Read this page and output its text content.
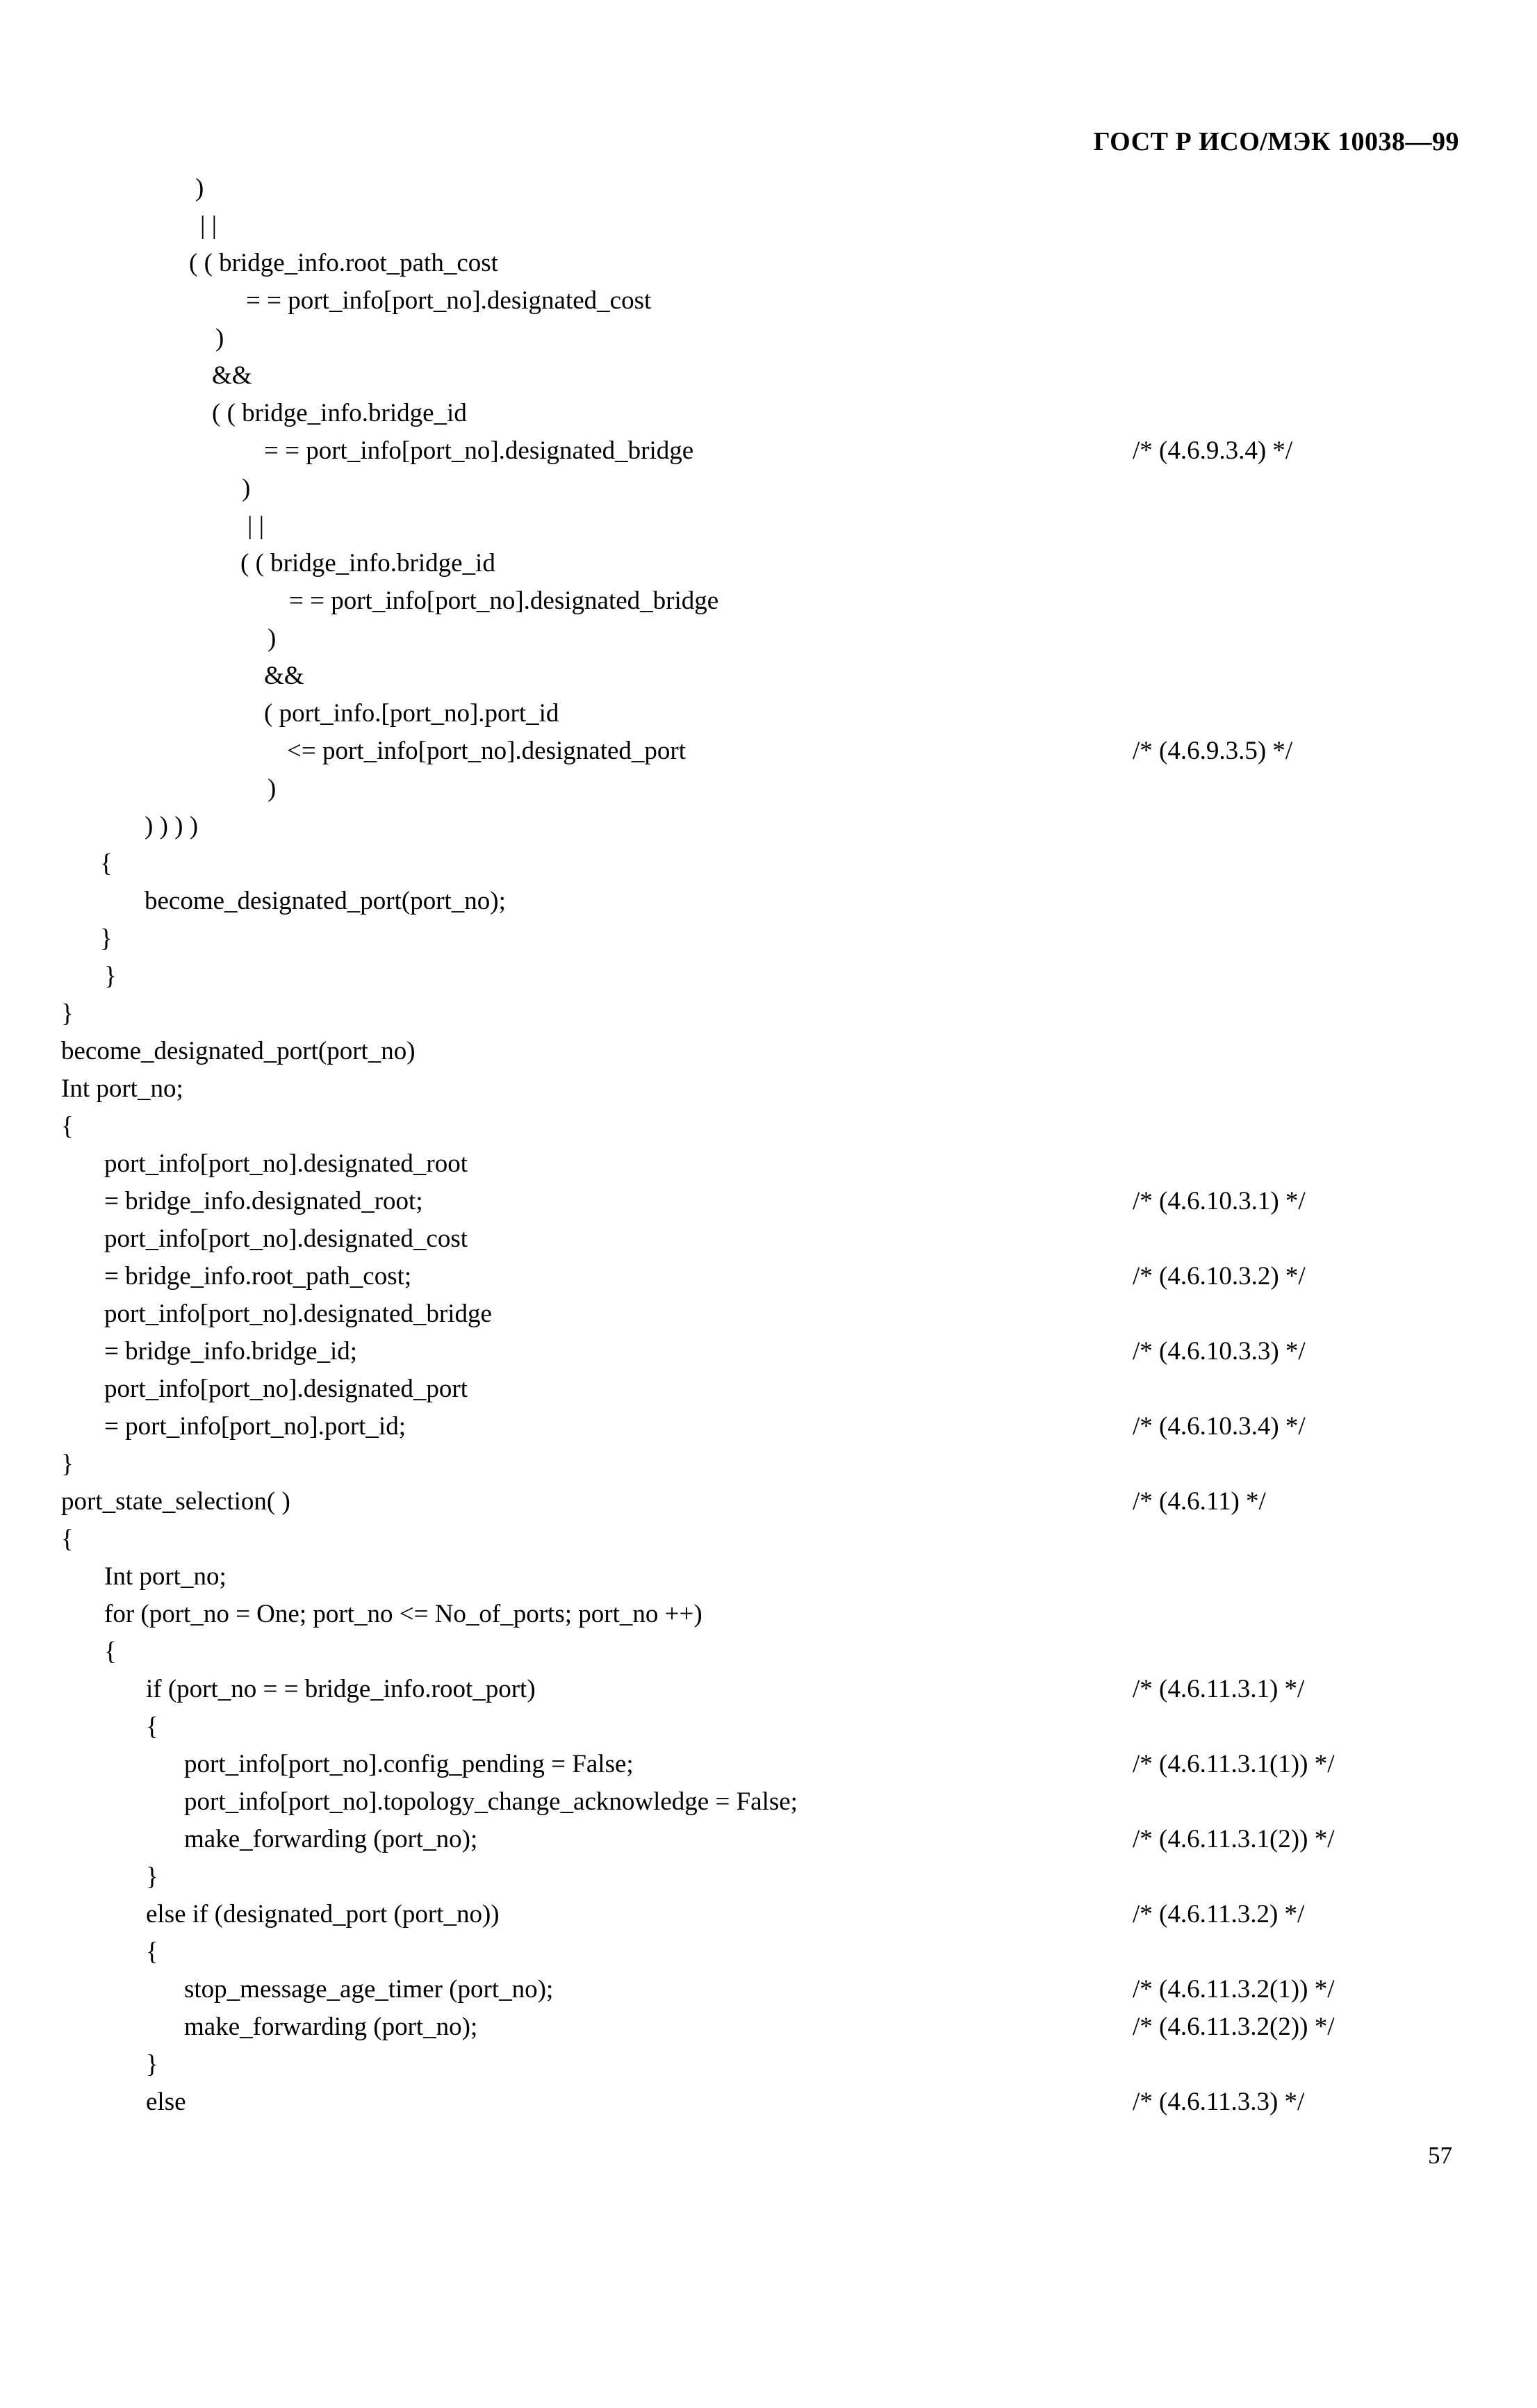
ГОСТ Р ИСО/МЭК 10038—99

)
| |
( ( bridge_info.root_path_cost
= = port_info[port_no].designated_cost
)
&&
( ( bridge_info.bridge_id
= = port_info[port_no].designated_bridge	/* (4.6.9.3.4) */
)
| |
( ( bridge_info.bridge_id
= = port_info[port_no].designated_bridge
)
&&
( port_info.[port_no].port_id
<= port_info[port_no].designated_port	/* (4.6.9.3.5) */
)
) ) ) )
{
become_designated_port(port_no);
}
}
}
become_designated_port(port_no)
Int port_no;
{
port_info[port_no].designated_root
= bridge_info.designated_root;	/* (4.6.10.3.1) */
port_info[port_no].designated_cost
= bridge_info.root_path_cost;	/* (4.6.10.3.2) */
port_info[port_no].designated_bridge
= bridge_info.bridge_id;	/* (4.6.10.3.3) */
port_info[port_no].designated_port
= port_info[port_no].port_id;	/* (4.6.10.3.4) */
}
port_state_selection( )	/* (4.6.11) */
{
Int port_no;
for (port_no = One; port_no <= No_of_ports; port_no ++)
{
if (port_no = = bridge_info.root_port)	/* (4.6.11.3.1) */
{
port_info[port_no].config_pending = False;	/* (4.6.11.3.1(1)) */
port_info[port_no].topology_change_acknowledge = False;
make_forwarding (port_no);	/* (4.6.11.3.1(2)) */
}
else if (designated_port (port_no))	/* (4.6.11.3.2) */
{
stop_message_age_timer (port_no);	/* (4.6.11.3.2(1)) */
make_forwarding (port_no);	/* (4.6.11.3.2(2)) */
}
else	/* (4.6.11.3.3) */
57
